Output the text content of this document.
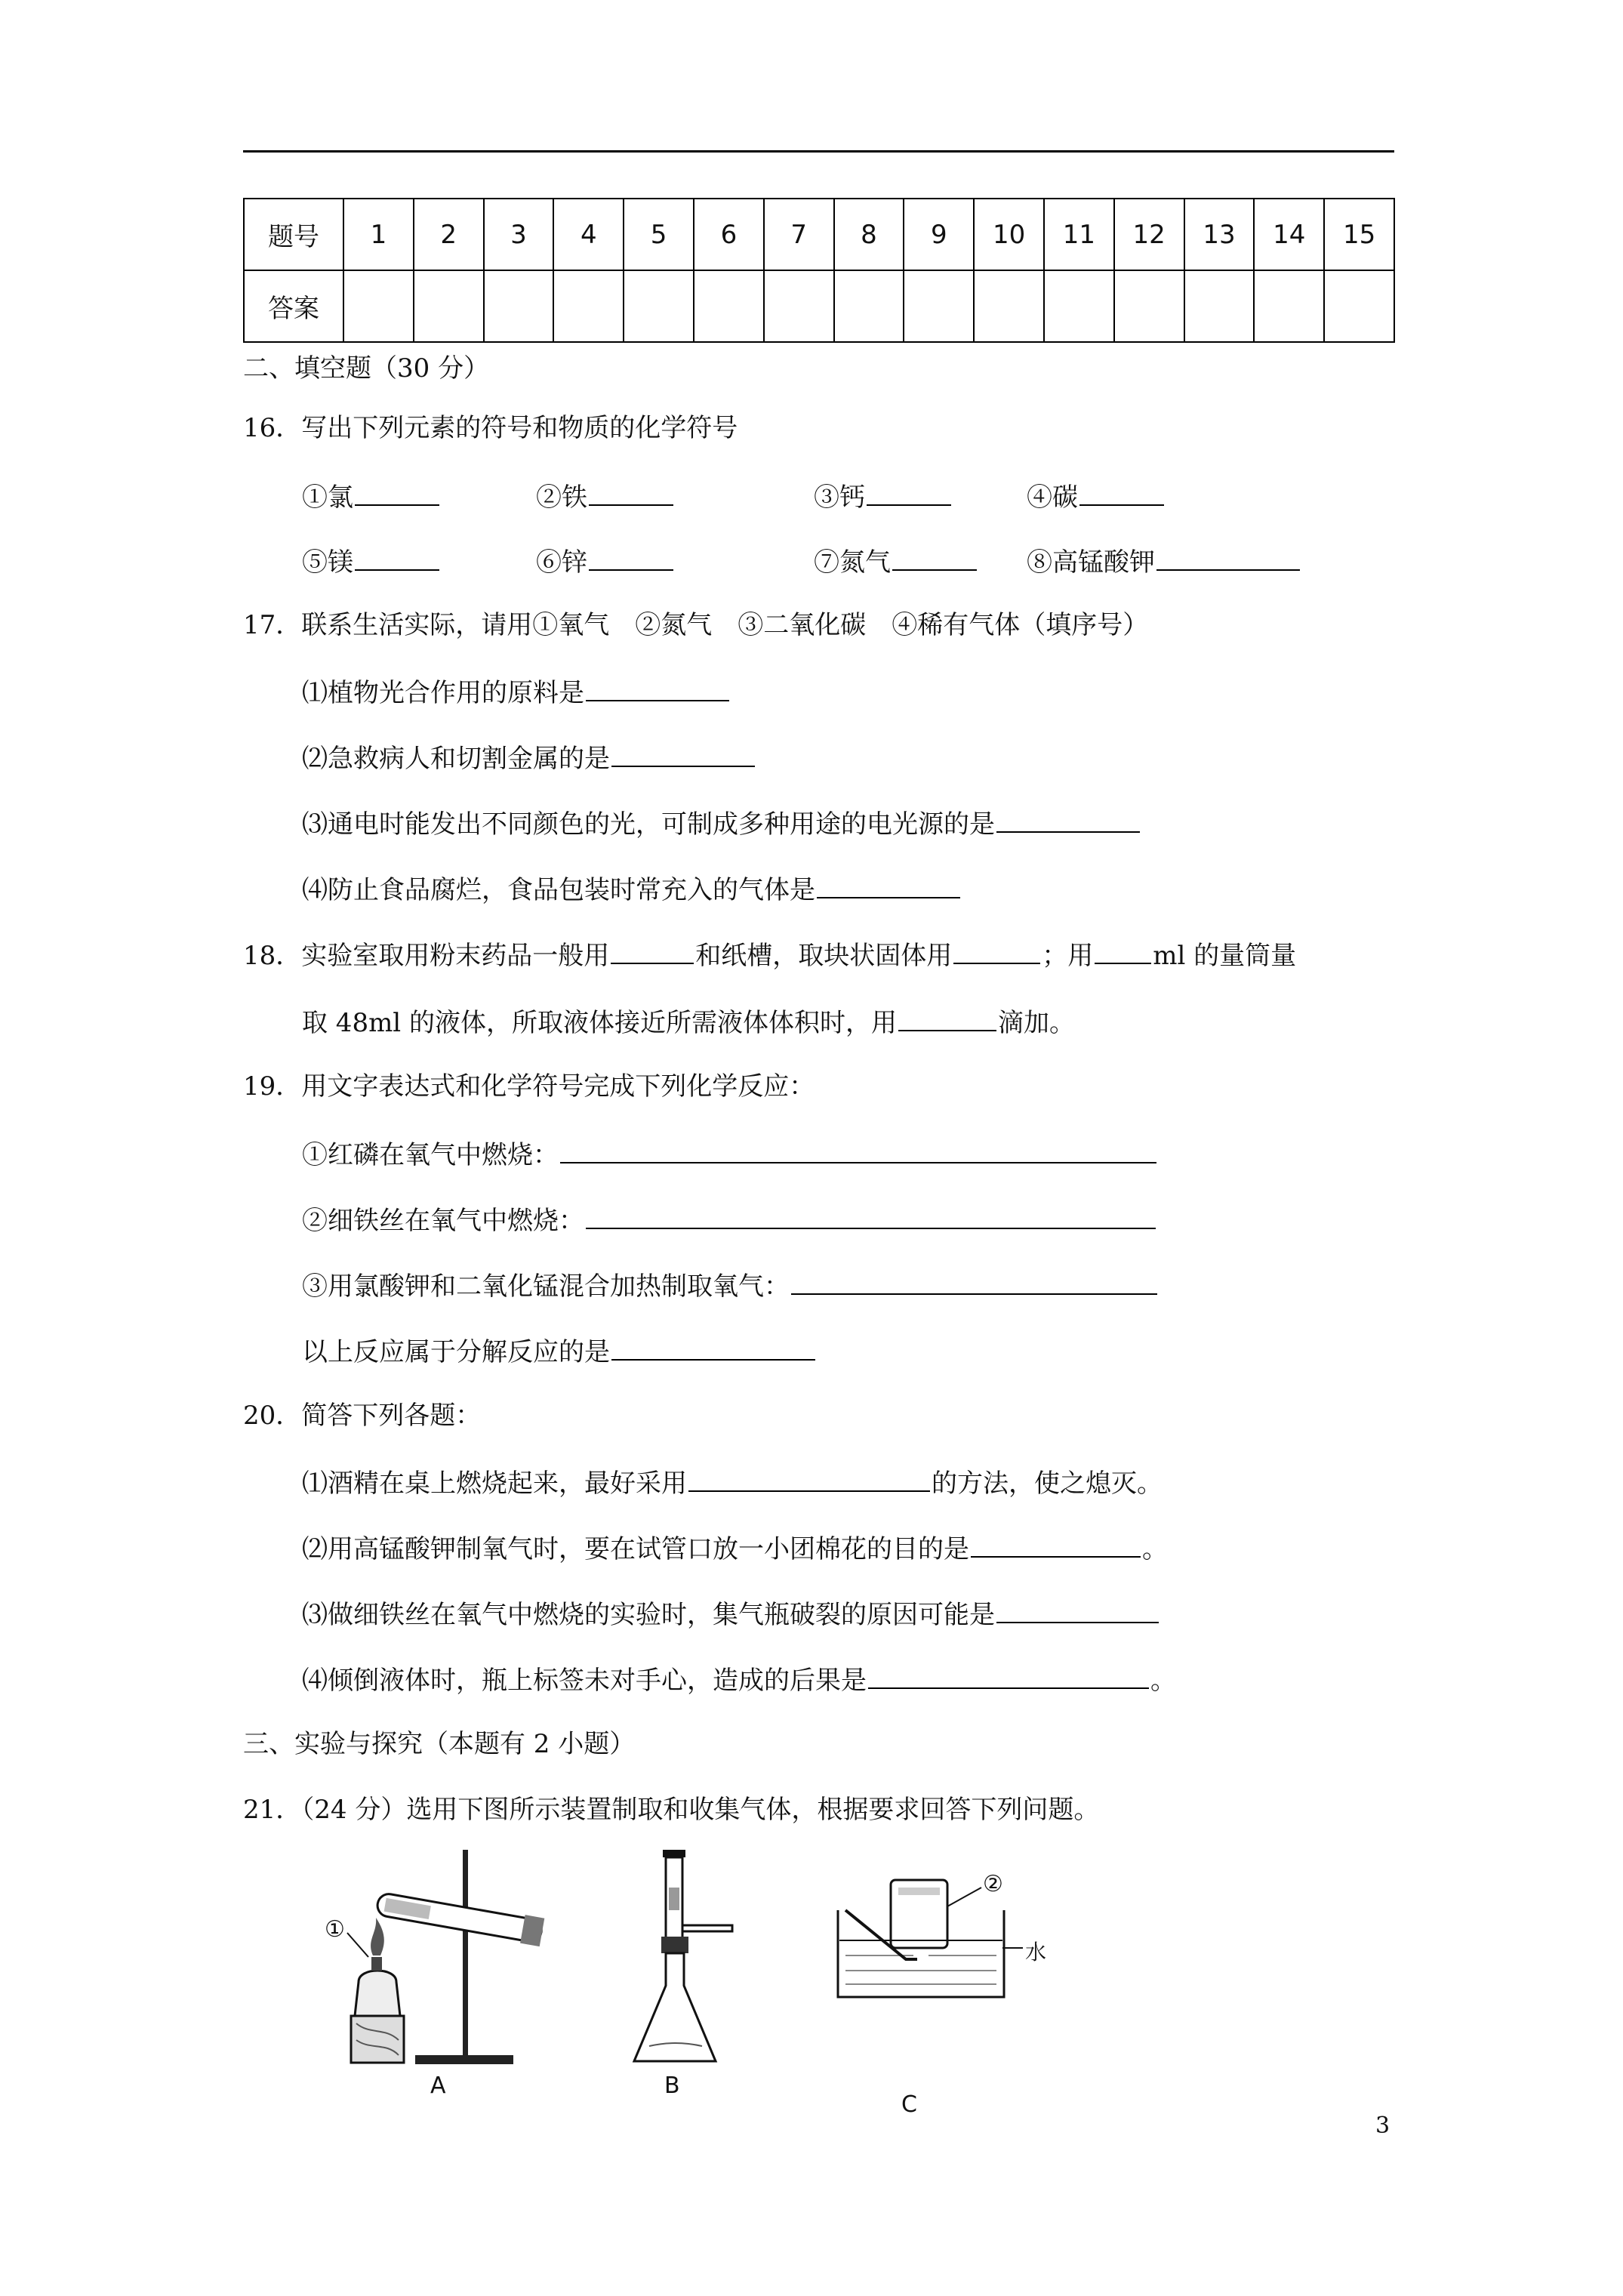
题号	1	2	3	4	5	6	7	8	9	10	11	12	13	14	15
答案															
二、填空题（30 分）
16．写出下列元素的符号和物质的化学符号
①氯	②铁	③钙	④碳
⑤镁	⑥锌	⑦氮气	⑧高锰酸钾
17．联系生活实际，请用①氧气　②氮气　③二氧化碳　④稀有气体（填序号）
⑴植物光合作用的原料是
⑵急救病人和切割金属的是
⑶通电时能发出不同颜色的光，可制成多种用途的电光源的是
⑷防止食品腐烂，食品包装时常充入的气体是
18．实验室取用粉末药品一般用	和纸槽，取块状固体用	；用 ml 的量筒量
取 48ml 的液体，所取液体接近所需液体体积时，用	滴加。
19．用文字表达式和化学符号完成下列化学反应：
①红磷在氧气中燃烧：
②细铁丝在氧气中燃烧：
③用氯酸钾和二氧化锰混合加热制取氧气：
以上反应属于分解反应的是
20．简答下列各题：
⑴酒精在桌上燃烧起来，最好采用	的方法，使之熄灭。
⑵用高锰酸钾制氧气时，要在试管口放一小团棉花的目的是	。
⑶做细铁丝在氧气中燃烧的实验时，集气瓶破裂的原因可能是
⑷倾倒液体时，瓶上标签未对手心，造成的后果是	。
三、实验与探究（本题有 2 小题）
21．（24 分）选用下图所示装置制取和收集气体，根据要求回答下列问题。
①
A	B
②
水
C
3
